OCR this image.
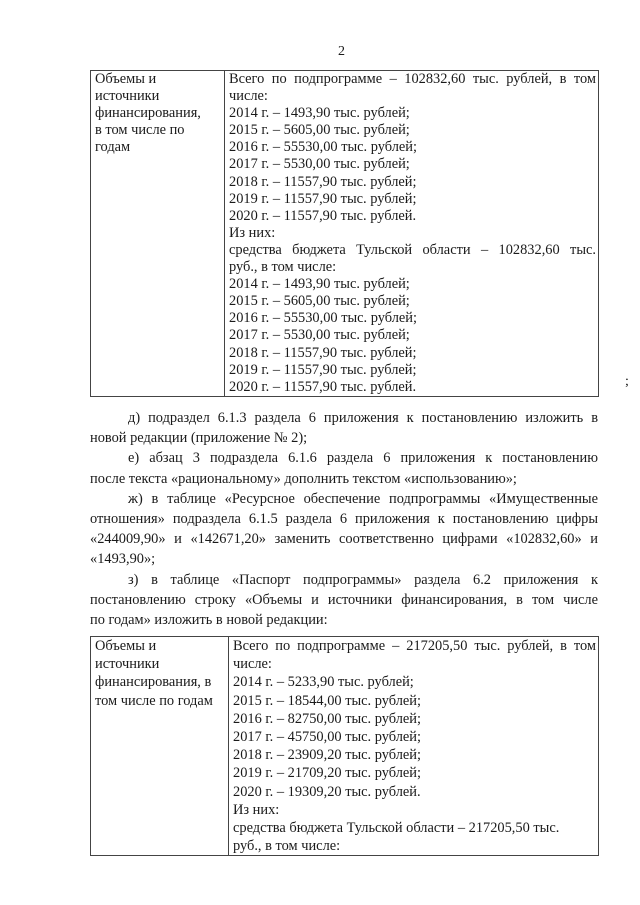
2
Объемы и
источники
финансирования,
в том числе по
годам

Всего по подпрограмме – 102832,60 тыс. рублей, в том
числе:
2014 г. – 1493,90 тыс. рублей;
2015 г. – 5605,00 тыс. рублей;
2016 г. – 55530,00 тыс. рублей;
2017 г. – 5530,00 тыс. рублей;
2018 г. – 11557,90 тыс. рублей;
2019 г. – 11557,90 тыс. рублей;
2020 г. – 11557,90 тыс. рублей.
Из них:
средства бюджета Тульской области – 102832,60 тыс.
руб., в том числе:
2014 г. – 1493,90 тыс. рублей;
2015 г. – 5605,00 тыс. рублей;
2016 г. – 55530,00 тыс. рублей;
2017 г. – 5530,00 тыс. рублей;
2018 г. – 11557,90 тыс. рублей;
2019 г. – 11557,90 тыс. рублей;
2020 г. – 11557,90 тыс. рублей.	;
д) подраздел 6.1.3 раздела 6 приложения к постановлению изложить в
новой редакции (приложение № 2);
е) абзац 3 подраздела 6.1.6 раздела 6 приложения к постановлению
после текста «рациональному» дополнить текстом «использованию»;
ж) в таблице «Ресурсное обеспечение подпрограммы «Имущественные
отношения» подраздела 6.1.5 раздела 6 приложения к постановлению цифры
«244009,90» и «142671,20» заменить соответственно цифрами «102832,60» и
«1493,90»;
з) в таблице «Паспорт подпрограммы» раздела 6.2 приложения к
постановлению строку «Объемы и источники финансирования, в том числе
по годам» изложить в новой редакции:
Объемы и
источники
финансирования, в
том числе по годам

Всего по подпрограмме – 217205,50 тыс. рублей, в том
числе:
2014 г. – 5233,90 тыс. рублей;
2015 г. – 18544,00 тыс. рублей;
2016 г. – 82750,00 тыс. рублей;
2017 г. – 45750,00 тыс. рублей;
2018 г. – 23909,20 тыс. рублей;
2019 г. – 21709,20 тыс. рублей;
2020 г. – 19309,20 тыс. рублей.
Из них:
средства бюджета Тульской области – 217205,50 тыс.
руб., в том числе:
